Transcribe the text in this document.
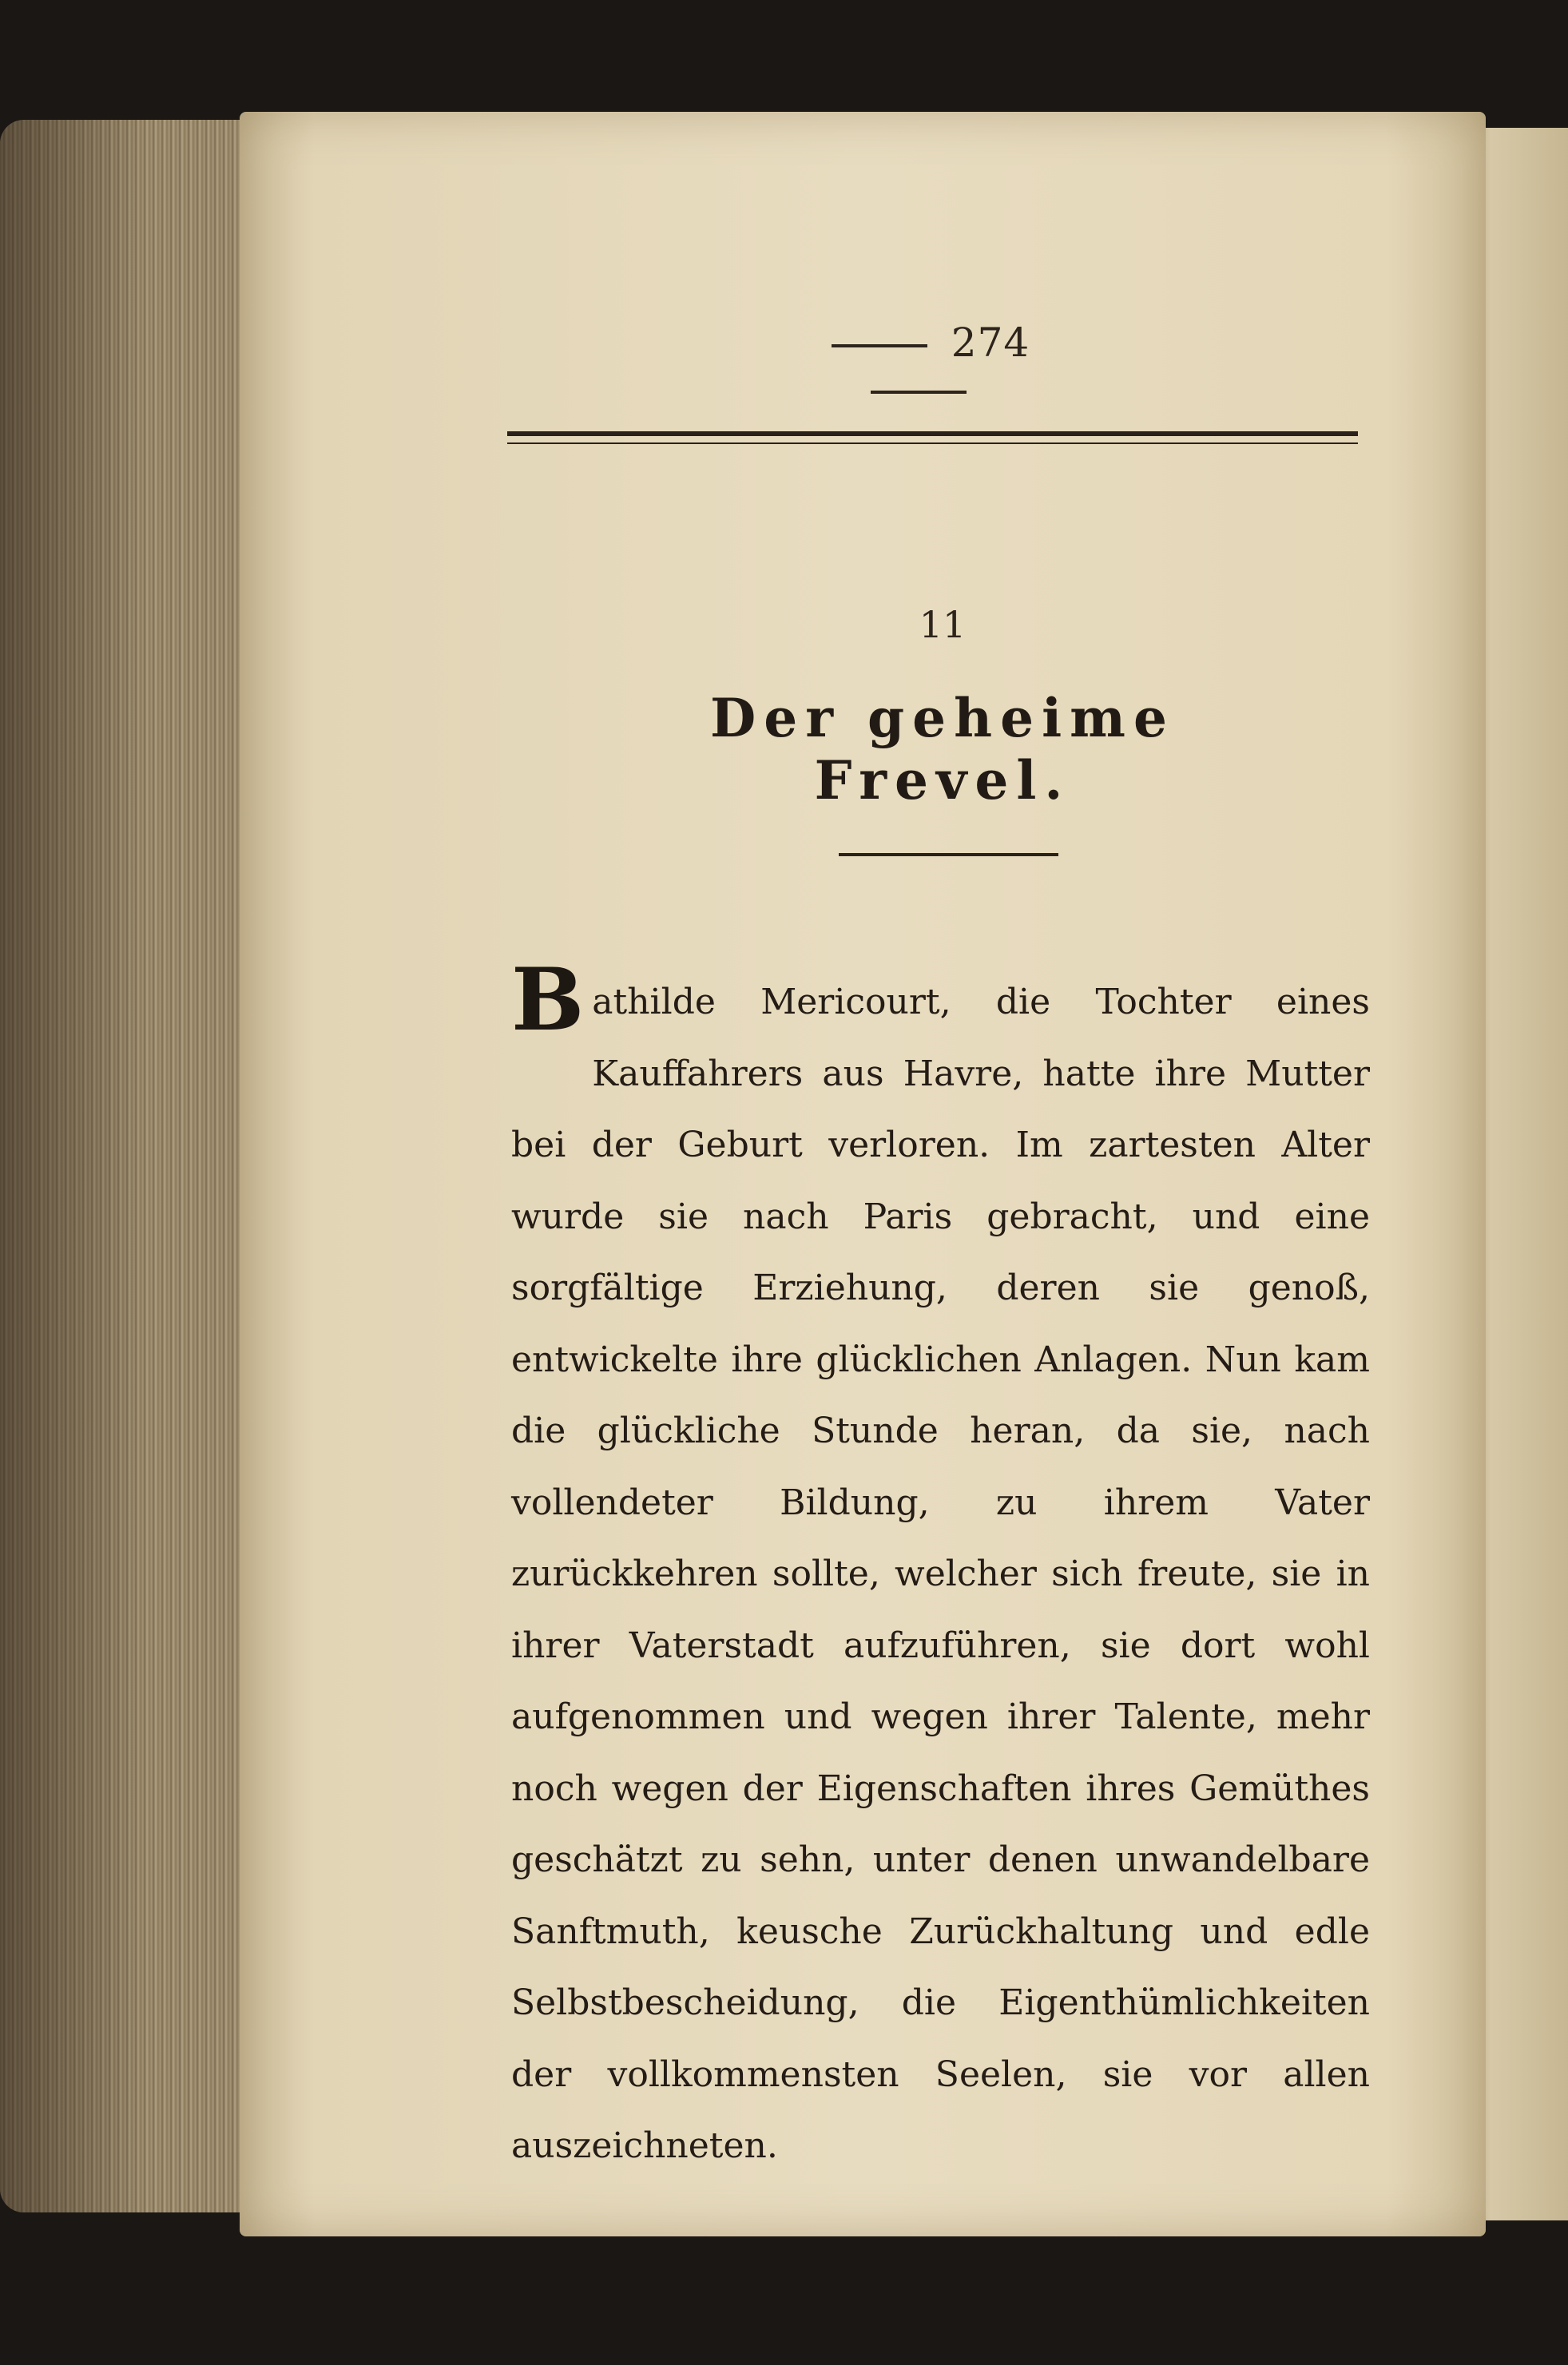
274
11
Der geheime Frevel.

Bathilde Mericourt, die Tochter eines Kauffahrers aus Havre, hatte ihre Mutter bei der Geburt verloren. Im zartesten Alter wurde sie nach Paris gebracht, und eine sorgfältige Erziehung, deren sie genoß, entwickelte ihre glücklichen Anlagen. Nun kam die glückliche Stunde heran, da sie, nach vollendeter Bildung, zu ihrem Vater zurückkehren sollte, welcher sich freute, sie in ihrer Vaterstadt aufzuführen, sie dort wohl aufgenommen und wegen ihrer Talente, mehr noch wegen der Eigenschaften ihres Gemüthes geschätzt zu sehn, unter denen unwandelbare Sanftmuth, keusche Zurückhaltung und edle Selbstbescheidung, die Eigenthümlichkeiten der vollkommensten Seelen, sie vor allen auszeichneten.
